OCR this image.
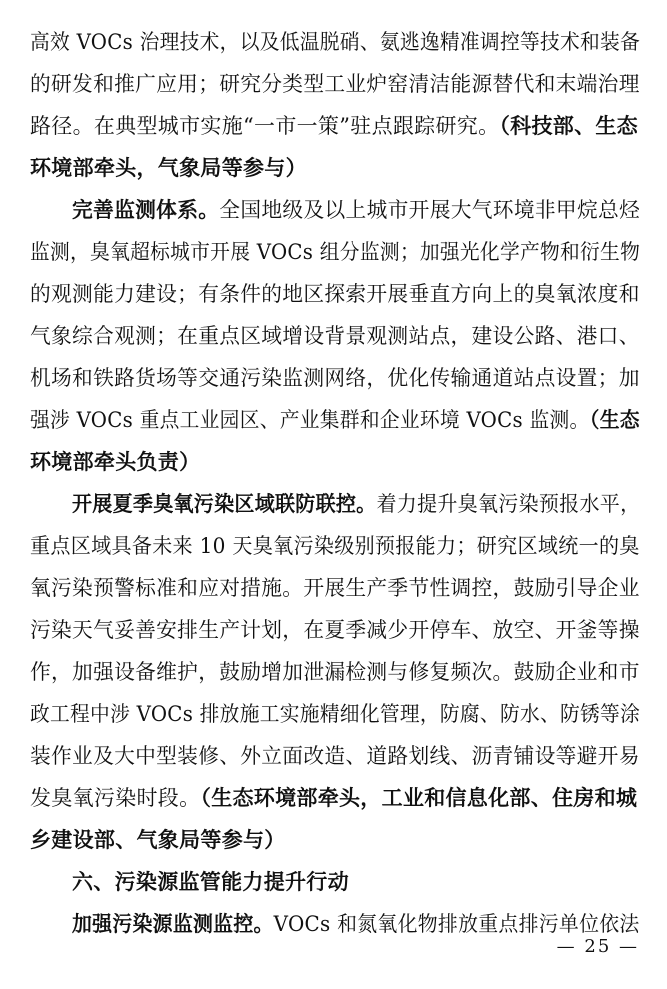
高效 VOCs 治理技术，以及低温脱硝、氨逃逸精准调控等技术和装备
的研发和推广应用；研究分类型工业炉窑清洁能源替代和末端治理
路径。在典型城市实施“一市一策”驻点跟踪研究。（科技部、生态
环境部牵头，气象局等参与）
完善监测体系。全国地级及以上城市开展大气环境非甲烷总烃
监测，臭氧超标城市开展 VOCs 组分监测；加强光化学产物和衍生物
的观测能力建设；有条件的地区探索开展垂直方向上的臭氧浓度和
气象综合观测；在重点区域增设背景观测站点，建设公路、港口、
机场和铁路货场等交通污染监测网络，优化传输通道站点设置；加
强涉 VOCs 重点工业园区、产业集群和企业环境 VOCs 监测。（生态
环境部牵头负责）
开展夏季臭氧污染区域联防联控。着力提升臭氧污染预报水平，
重点区域具备未来 10 天臭氧污染级别预报能力；研究区域统一的臭
氧污染预警标准和应对措施。开展生产季节性调控，鼓励引导企业
污染天气妥善安排生产计划，在夏季减少开停车、放空、开釜等操
作，加强设备维护，鼓励增加泄漏检测与修复频次。鼓励企业和市
政工程中涉 VOCs 排放施工实施精细化管理，防腐、防水、防锈等涂
装作业及大中型装修、外立面改造、道路划线、沥青铺设等避开易
发臭氧污染时段。（生态环境部牵头，工业和信息化部、住房和城
乡建设部、气象局等参与）
六、污染源监管能力提升行动
加强污染源监测监控。VOCs 和氮氧化物排放重点排污单位依法
— 25 —
